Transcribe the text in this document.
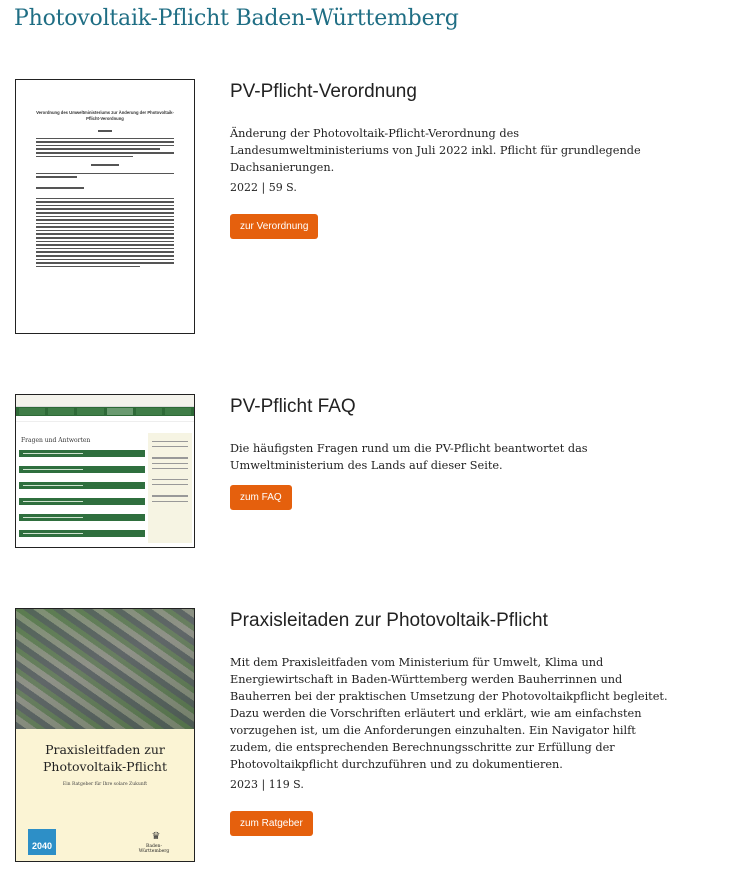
Photovoltaik-Pflicht Baden-Württemberg
Verordnung des Umweltministeriums zur Änderung der Photovoltaik-Pflicht-Verordnung
PV-Pflicht-Verordnung

Änderung der Photovoltaik-Pflicht-Verordnung des Landesumweltministeriums von Juli 2022 inkl. Pflicht für grundlegende Dachsanierungen.

2022 | 59 S.

zur Verordnung
Fragen und Antworten
PV-Pflicht FAQ

Die häufigsten Fragen rund um die PV-Pflicht beantwortet das Umweltministerium des Lands auf dieser Seite.

zum FAQ
Praxisleitfaden zur Photovoltaik-Pflicht
Ein Ratgeber für Ihre solare Zukunft
2040
♛
Baden-Württemberg
Praxisleitaden zur Photovoltaik-Pflicht

Mit dem Praxisleitfaden vom Ministerium für Umwelt, Klima und Energiewirtschaft in Baden-Württemberg werden Bauherrinnen und Bauherren bei der praktischen Umsetzung der Photovoltaikpflicht begleitet. Dazu werden die Vorschriften erläutert und erklärt, wie am einfachsten vorzugehen ist, um die Anforderungen einzuhalten. Ein Navigator hilft zudem, die entsprechenden Berechnungsschritte zur Erfüllung der Photovoltaikpflicht durchzuführen und zu dokumentieren.

2023 | 119 S.

zum Ratgeber
